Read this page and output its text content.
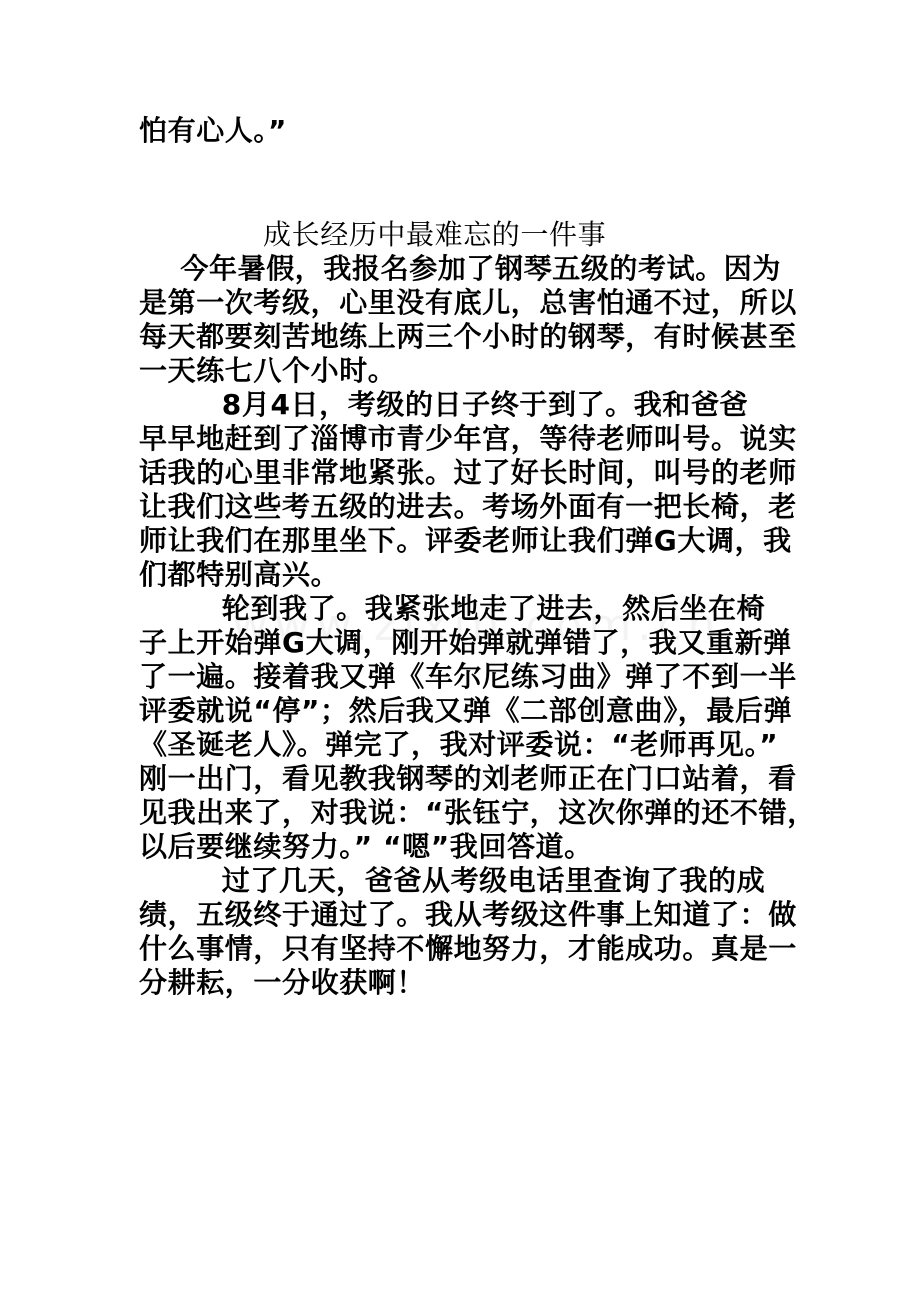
怕有心人。”
成长经历中最难忘的一件事
今年暑假，我报名参加了钢琴五级的考试。因为
是第一次考级，心里没有底儿，总害怕通不过，所以
每天都要刻苦地练上两三个小时的钢琴，有时候甚至
一天练七八个小时。
8月4日，考级的日子终于到了。我和爸爸
早早地赶到了淄博市青少年宫，等待老师叫号。说实
话我的心里非常地紧张。过了好长时间，叫号的老师
让我们这些考五级的进去。考场外面有一把长椅，老
师让我们在那里坐下。评委老师让我们弹G大调，我
们都特别高兴。
轮到我了。我紧张地走了进去，然后坐在椅
子上开始弹G大调，刚开始弹就弹错了，我又重新弹
了一遍。接着我又弹《车尔尼练习曲》弹了不到一半
评委就说“停”；然后我又弹《二部创意曲》，最后弹
《圣诞老人》。弹完了，我对评委说：“老师再见。”
刚一出门，看见教我钢琴的刘老师正在门口站着，看
见我出来了，对我说：“张钰宁，这次你弹的还不错，
以后要继续努力。” “嗯”我回答道。
过了几天，爸爸从考级电话里查询了我的成
绩，五级终于通过了。我从考级这件事上知道了：做
什么事情，只有坚持不懈地努力，才能成功。真是一
分耕耘，一分收获啊！
